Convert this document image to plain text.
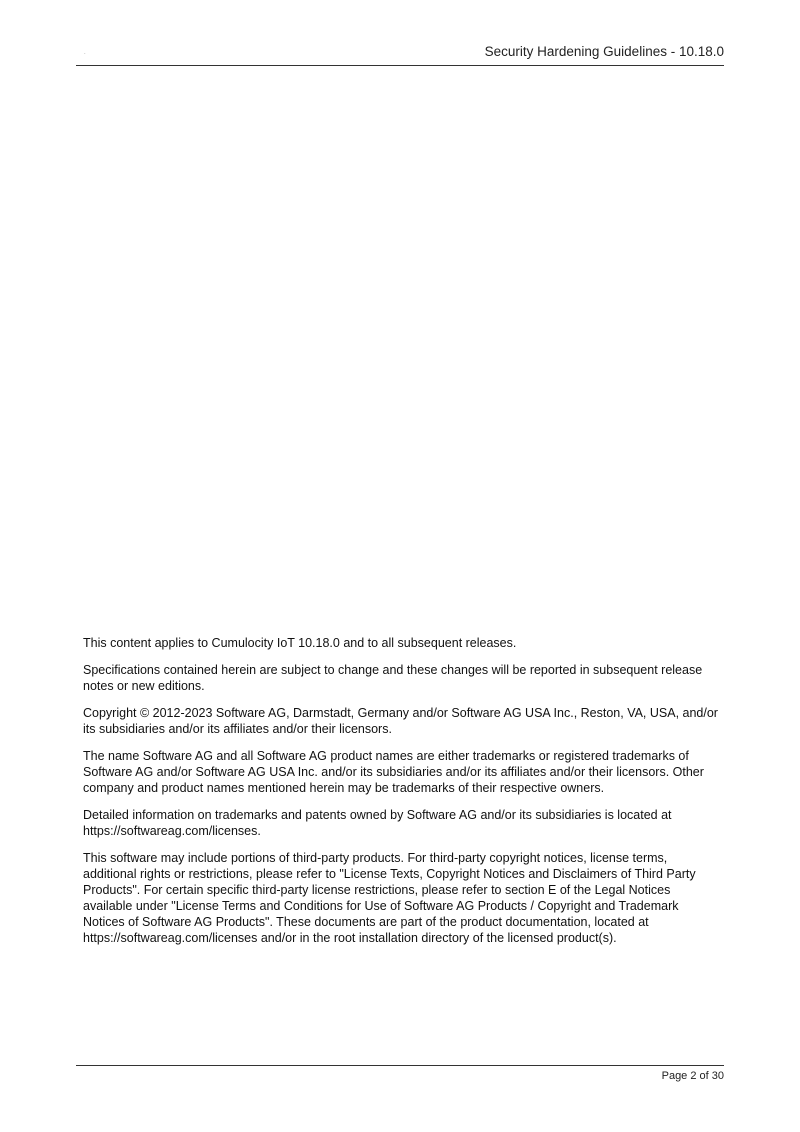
.	Security Hardening Guidelines - 10.18.0

This content applies to Cumulocity IoT 10.18.0 and to all subsequent releases.

Specifications contained herein are subject to change and these changes will be reported in subsequent release notes or new editions.

Copyright © 2012-2023 Software AG, Darmstadt, Germany and/or Software AG USA Inc., Reston, VA, USA, and/or its subsidiaries and/or its affiliates and/or their licensors.

The name Software AG and all Software AG product names are either trademarks or registered trademarks of Software AG and/or Software AG USA Inc. and/or its subsidiaries and/or its affiliates and/or their licensors. Other company and product names mentioned herein may be trademarks of their respective owners.

Detailed information on trademarks and patents owned by Software AG and/or its subsidiaries is located at https://softwareag.com/licenses.

This software may include portions of third-party products. For third-party copyright notices, license terms, additional rights or restrictions, please refer to "License Texts, Copyright Notices and Disclaimers of Third Party Products". For certain specific third-party license restrictions, please refer to section E of the Legal Notices available under "License Terms and Conditions for Use of Software AG Products / Copyright and Trademark Notices of Software AG Products". These documents are part of the product documentation, located at https://softwareag.com/licenses and/or in the root installation directory of the licensed product(s).

Page 2 of 30
